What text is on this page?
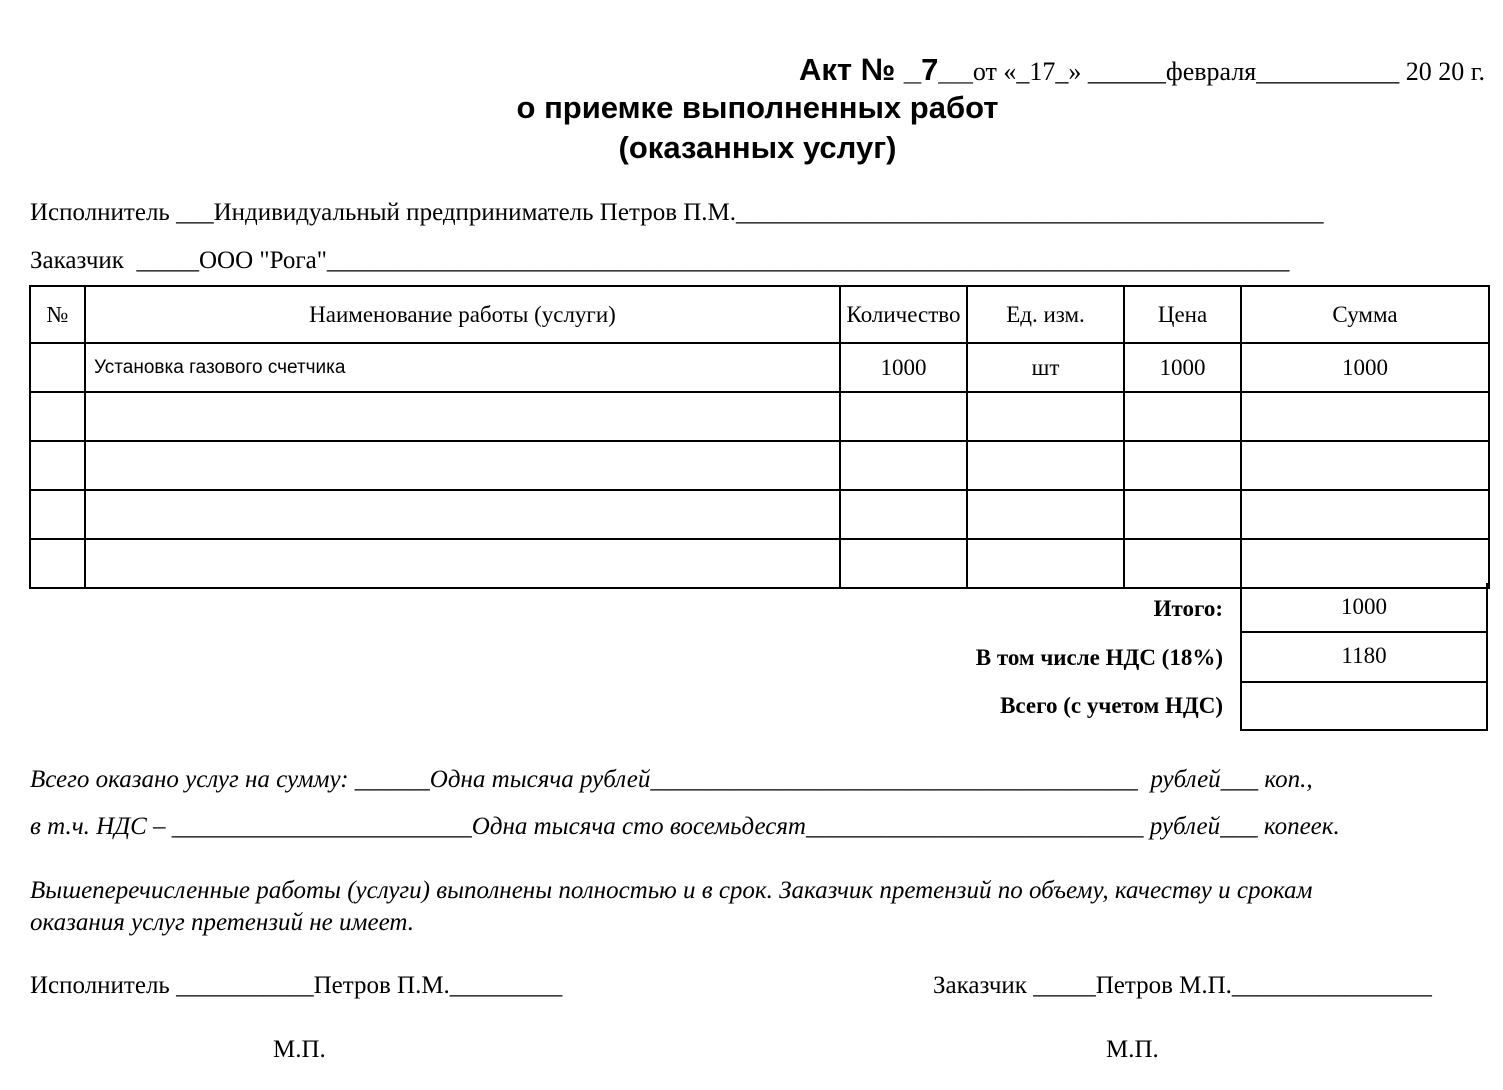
Акт № _7__от «_17_» ______февраля___________ 20 20 г.
о приемке выполненных работ
(оказанных услуг)
Исполнитель ___Индивидуальный предприниматель Петров П.М._______________________________________________
Заказчик  _____ООО "Рога"_____________________________________________________________________________
№	Наименование работы (услуги)	Количество	Ед. изм.	Цена	Сумма
	Установка газового счетчика	1000	шт	1000	1000

Итого:	1000
В том числе НДС (18%)	1180
Всего (с учетом НДС)
Всего оказано услуг на сумму: ______Одна тысяча рублей_______________________________________  рублей___ коп.,
в т.ч. НДС – ________________________Одна тысяча сто восемьдесят___________________________ рублей___ копеек.
Вышеперечисленные работы (услуги) выполнены полностью и в срок. Заказчик претензий по объему, качеству и срокам
оказания услуг претензий не имеет.
Исполнитель ___________Петров П.М._________	Заказчик _____Петров М.П.________________
М.П.	М.П.
